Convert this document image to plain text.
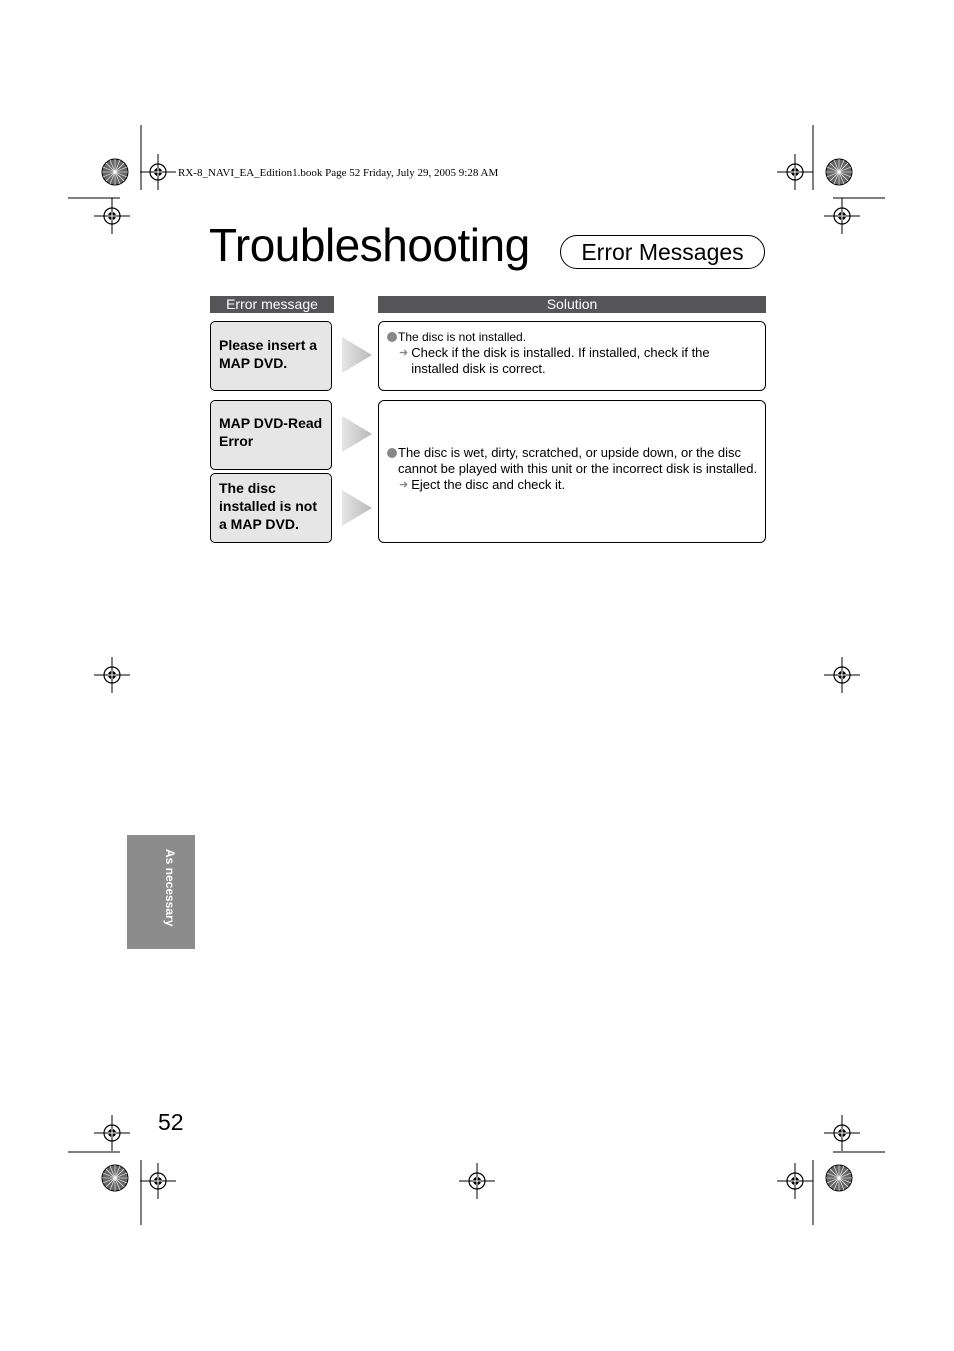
RX-8_NAVI_EA_Edition1.book Page 52 Friday, July 29, 2005 9:28 AM
Troubleshooting	Error Messages
Error message	Solution
Please insert a MAP DVD.
MAP DVD-Read Error
The disc installed is not a MAP DVD.
The disc is not installed.
➜ Check if the disk is installed. If installed, check if the installed disk is correct.
The disc is wet, dirty, scratched, or upside down, or the disc cannot be played with this unit or the incorrect disk is installed.
➜ Eject the disc and check it.
As necessary
52
